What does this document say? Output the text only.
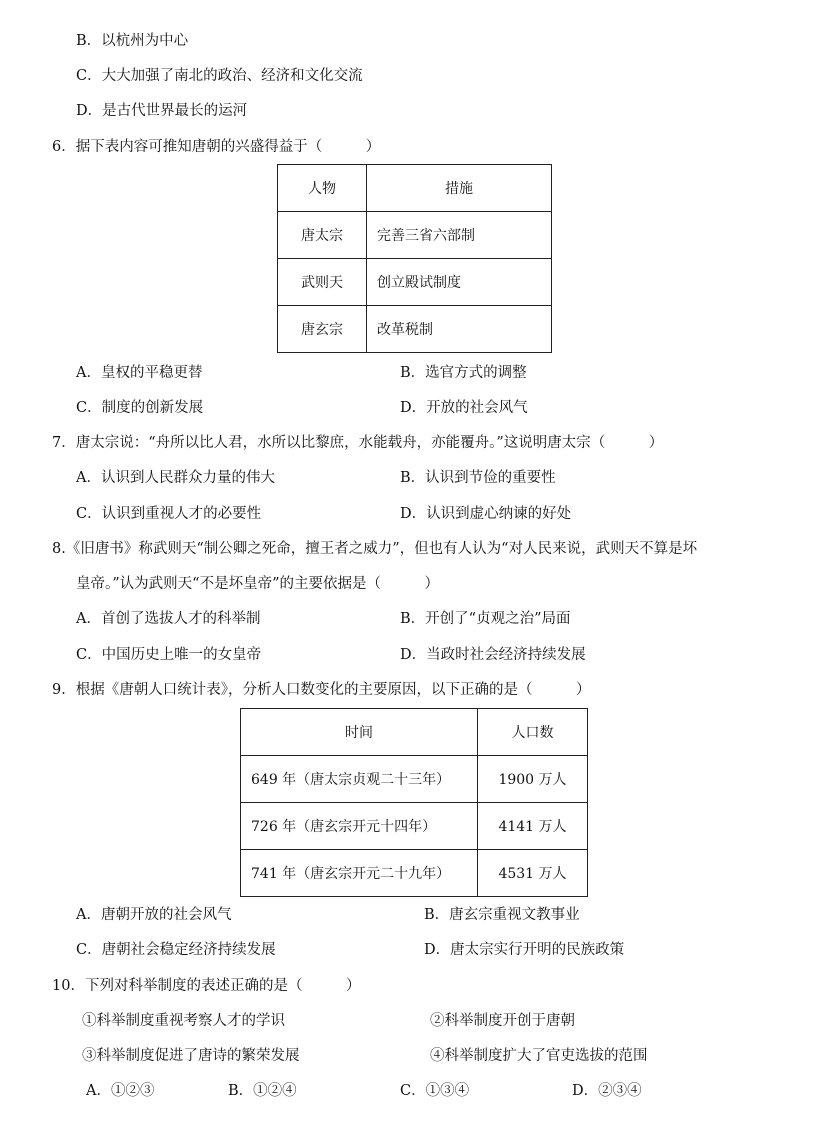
B．以杭州为中心
C．大大加强了南北的政治、经济和文化交流
D．是古代世界最长的运河
6．据下表内容可推知唐朝的兴盛得益于（　　　）
人物	措施
唐太宗	完善三省六部制
武则天	创立殿试制度
唐玄宗	改革税制
A．皇权的平稳更替	B．选官方式的调整
C．制度的创新发展	D．开放的社会风气
7．唐太宗说：“舟所以比人君，水所以比黎庶，水能载舟，亦能覆舟。”这说明唐太宗（　　　）
A．认识到人民群众力量的伟大	B．认识到节俭的重要性
C．认识到重视人才的必要性	D．认识到虚心纳谏的好处
8.《旧唐书》称武则天“制公卿之死命，擅王者之威力”，但也有人认为“对人民来说，武则天不算是坏
皇帝。”认为武则天“不是坏皇帝”的主要依据是（　　　）
A．首创了选拔人才的科举制	B．开创了“贞观之治”局面
C．中国历史上唯一的女皇帝	D．当政时社会经济持续发展
9．根据《唐朝人口统计表》，分析人口数变化的主要原因，以下正确的是（　　　）
时间	人口数
649 年（唐太宗贞观二十三年）	1900 万人
726 年（唐玄宗开元十四年）	4141 万人
741 年（唐玄宗开元二十九年）	4531 万人
A．唐朝开放的社会风气	B．唐玄宗重视文教事业
C．唐朝社会稳定经济持续发展	D．唐太宗实行开明的民族政策
10．下列对科举制度的表述正确的是（　　　）
①科举制度重视考察人才的学识	②科举制度开创于唐朝
③科举制度促进了唐诗的繁荣发展	④科举制度扩大了官吏选拔的范围
A．①②③	B．①②④	C．①③④	D．②③④
